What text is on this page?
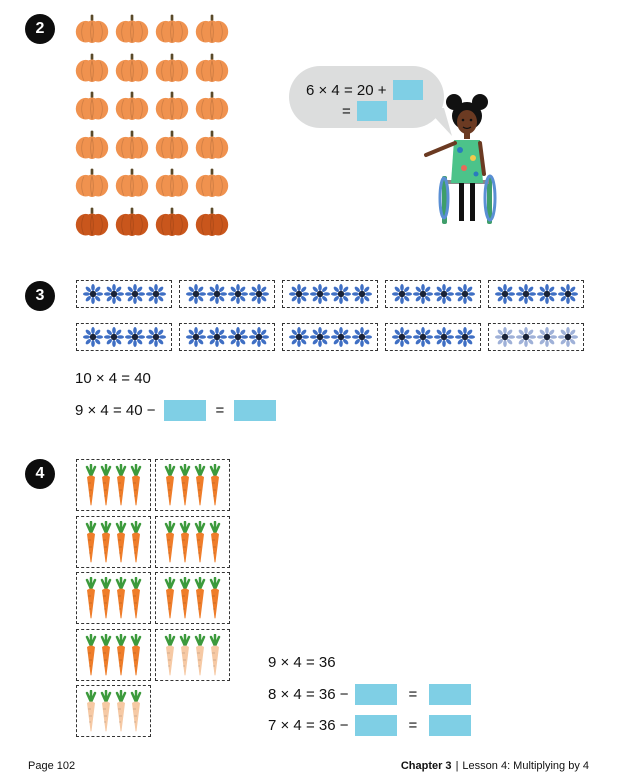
2
6 × 4 = 20 +
=
3
10 × 4 = 40
9 × 4 = 40 −	=
4
9 × 4 = 36
8 × 4 = 36 −	=
7 × 4 = 36 −	=
Page 102	Chapter 3 | Lesson 4: Multiplying by 4
